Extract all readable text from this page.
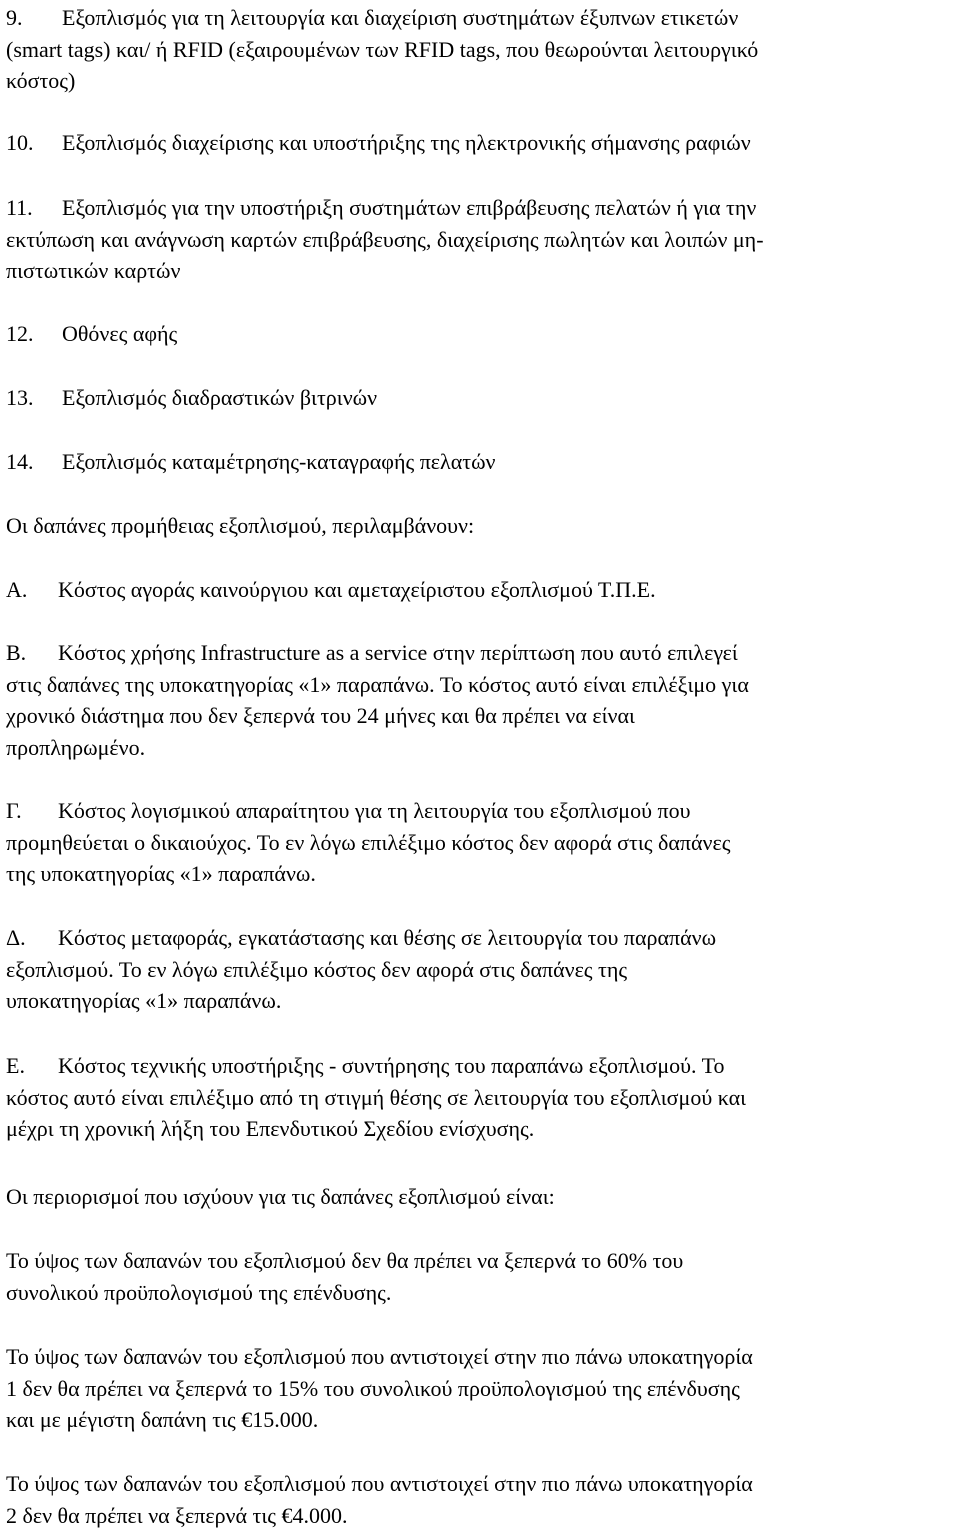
9. Εξοπλισμός για τη λειτουργία και διαχείριση συστημάτων έξυπνων ετικετών
(smart tags) και/ ή RFID (εξαιρουμένων των RFID tags, που θεωρούνται λειτουργικό
κόστος)
10. Εξοπλισμός διαχείρισης και υποστήριξης της ηλεκτρονικής σήμανσης ραφιών
11. Εξοπλισμός για την υποστήριξη συστημάτων επιβράβευσης πελατών ή για την
εκτύπωση και ανάγνωση καρτών επιβράβευσης, διαχείρισης πωλητών και λοιπών μη-
πιστωτικών καρτών
12. Οθόνες αφής
13. Εξοπλισμός διαδραστικών βιτρινών
14. Εξοπλισμός καταμέτρησης-καταγραφής πελατών
Οι δαπάνες προμήθειας εξοπλισμού, περιλαμβάνουν:
Α. Κόστος αγοράς καινούργιου και αμεταχείριστου εξοπλισμού Τ.Π.Ε.
Β. Κόστος χρήσης Infrastructure as a service στην περίπτωση που αυτό επιλεγεί
στις δαπάνες της υποκατηγορίας «1» παραπάνω. Το κόστος αυτό είναι επιλέξιμο για
χρονικό διάστημα που δεν ξεπερνά του 24 μήνες και θα πρέπει να είναι
προπληρωμένο.
Γ. Κόστος λογισμικού απαραίτητου για τη λειτουργία του εξοπλισμού που
προμηθεύεται ο δικαιούχος. Το εν λόγω επιλέξιμο κόστος δεν αφορά στις δαπάνες
της υποκατηγορίας «1» παραπάνω.
Δ. Κόστος μεταφοράς, εγκατάστασης και θέσης σε λειτουργία του παραπάνω
εξοπλισμού. Το εν λόγω επιλέξιμο κόστος δεν αφορά στις δαπάνες της
υποκατηγορίας «1» παραπάνω.
Ε. Κόστος τεχνικής υποστήριξης - συντήρησης του παραπάνω εξοπλισμού. Το
κόστος αυτό είναι επιλέξιμο από τη στιγμή θέσης σε λειτουργία του εξοπλισμού και
μέχρι τη χρονική λήξη του Επενδυτικού Σχεδίου ενίσχυσης.
Οι περιορισμοί που ισχύουν για τις δαπάνες εξοπλισμού είναι:
Το ύψος των δαπανών του εξοπλισμού δεν θα πρέπει να ξεπερνά το 60% του
συνολικού προϋπολογισμού της επένδυσης.
Το ύψος των δαπανών του εξοπλισμού που αντιστοιχεί στην πιο πάνω υποκατηγορία
1 δεν θα πρέπει να ξεπερνά το 15% του συνολικού προϋπολογισμού της επένδυσης
και με μέγιστη δαπάνη τις €15.000.
Το ύψος των δαπανών του εξοπλισμού που αντιστοιχεί στην πιο πάνω υποκατηγορία
2 δεν θα πρέπει να ξεπερνά τις €4.000.
